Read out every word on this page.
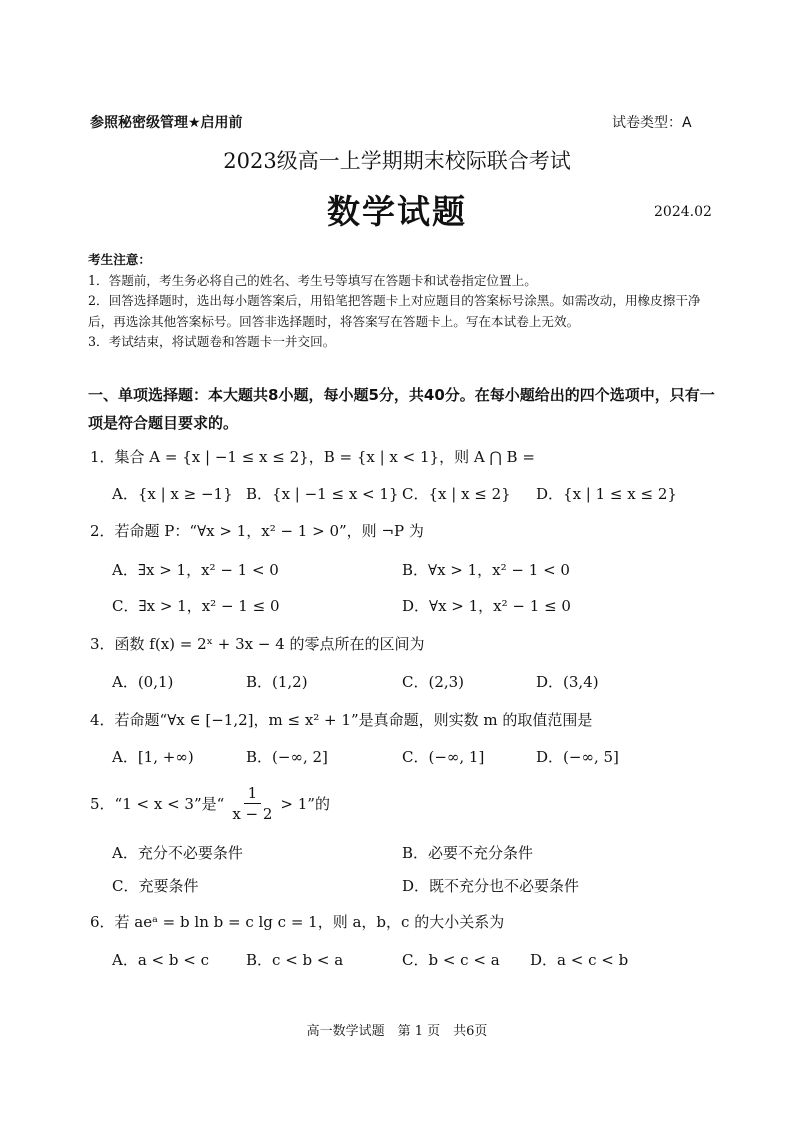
参照秘密级管理★启用前	试卷类型：A
2023级高一上学期期末校际联合考试
数学试题	2024.02
考生注意：
1．答题前，考生务必将自己的姓名、考生号等填写在答题卡和试卷指定位置上。
2．回答选择题时，选出每小题答案后，用铅笔把答题卡上对应题目的答案标号涂黑。如需改动，用橡皮擦干净后，再选涂其他答案标号。回答非选择题时，将答案写在答题卡上。写在本试卷上无效。
3．考试结束，将试题卷和答题卡一并交回。
一、单项选择题：本大题共8小题，每小题5分，共40分。在每小题给出的四个选项中，只有一项是符合题目要求的。
1．集合 A = {x | −1 ≤ x ≤ 2}，B = {x | x < 1}，则 A ⋂ B =
A．{x | x ≥ −1} B．{x | −1 ≤ x < 1} C．{x | x ≤ 2} D．{x | 1 ≤ x ≤ 2}
2．若命题 P：“∀x > 1，x² − 1 > 0”，则 ¬P 为
A．∃x > 1，x² − 1 < 0	B．∀x > 1，x² − 1 < 0
C．∃x > 1，x² − 1 ≤ 0	D．∀x > 1，x² − 1 ≤ 0
3．函数 f(x) = 2ˣ + 3x − 4 的零点所在的区间为
A．(0,1)	B．(1,2)	C．(2,3)	D．(3,4)
4．若命题“∀x ∈ [−1,2]，m ≤ x² + 1”是真命题，则实数 m 的取值范围是
A．[1, +∞)	B．(−∞, 2]	C．(−∞, 1]	D．(−∞, 5]
5．“1 < x < 3”是“ $\frac{1}{x - 2} > 1$”的
A．充分不必要条件	B．必要不充分条件
C．充要条件	D．既不充分也不必要条件
6．若 aeᵃ = b ln b = c lg c = 1，则 a，b，c 的大小关系为
A．a < b < c B．c < b < a	C．b < c < a D．a < c < b
高一数学试题　第 1 页　共6页
